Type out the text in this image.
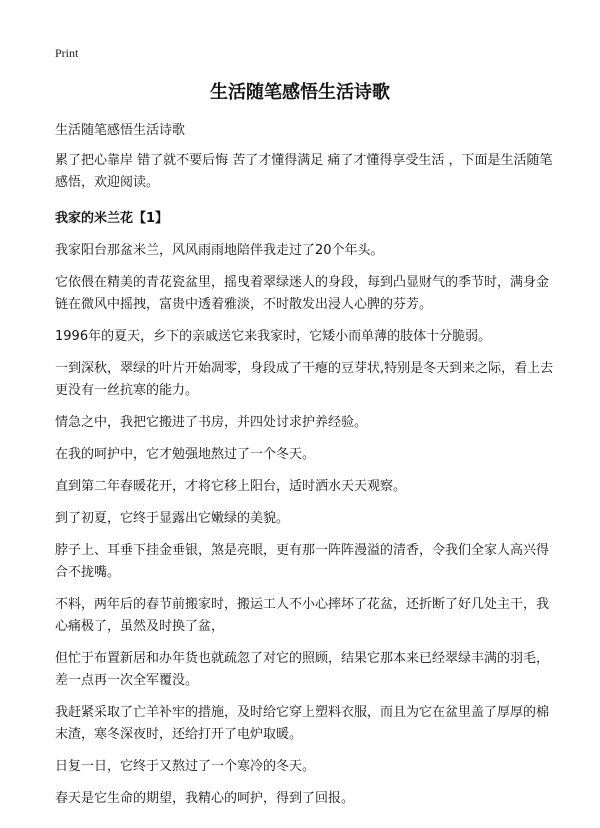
Print
生活随笔感悟生活诗歌

生活随笔感悟生活诗歌

累了把心靠岸 错了就不要后悔 苦了才懂得满足 痛了才懂得享受生活 ，下面是生活随笔感悟，欢迎阅读。

我家的米兰花【1】

我家阳台那盆米兰，风风雨雨地陪伴我走过了20个年头。

它依偎在精美的青花瓷盆里，摇曳着翠绿迷人的身段，每到凸显财气的季节时，满身金链在微风中摇拽，富贵中透着雅淡，不时散发出浸人心脾的芬芳。

1996年的夏天，乡下的亲戚送它来我家时，它矮小而单薄的肢体十分脆弱。

一到深秋，翠绿的叶片开始凋零，身段成了干瘪的豆芽状,特别是冬天到来之际，看上去更没有一丝抗寒的能力。

情急之中，我把它搬进了书房，并四处讨求护养经验。

在我的呵护中，它才勉强地熬过了一个冬天。

直到第二年春暖花开，才将它移上阳台，适时洒水天天观察。

到了初夏，它终于显露出它嫩绿的美貌。

脖子上、耳垂下挂金垂银，煞是亮眼，更有那一阵阵漫溢的清香，令我们全家人高兴得合不拢嘴。

不料，两年后的春节前搬家时，搬运工人不小心摔坏了花盆，还折断了好几处主干，我心痛极了，虽然及时换了盆，

但忙于布置新居和办年货也就疏忽了对它的照顾，结果它那本来已经翠绿丰满的羽毛，差一点再一次全军覆没。

我赶紧采取了亡羊补牢的措施，及时给它穿上塑料衣服，而且为它在盆里盖了厚厚的棉末渣，寒冬深夜时，还给打开了电炉取暖。

日复一日，它终于又熬过了一个寒冷的冬天。

春天是它生命的期望，我精心的呵护，得到了回报。
